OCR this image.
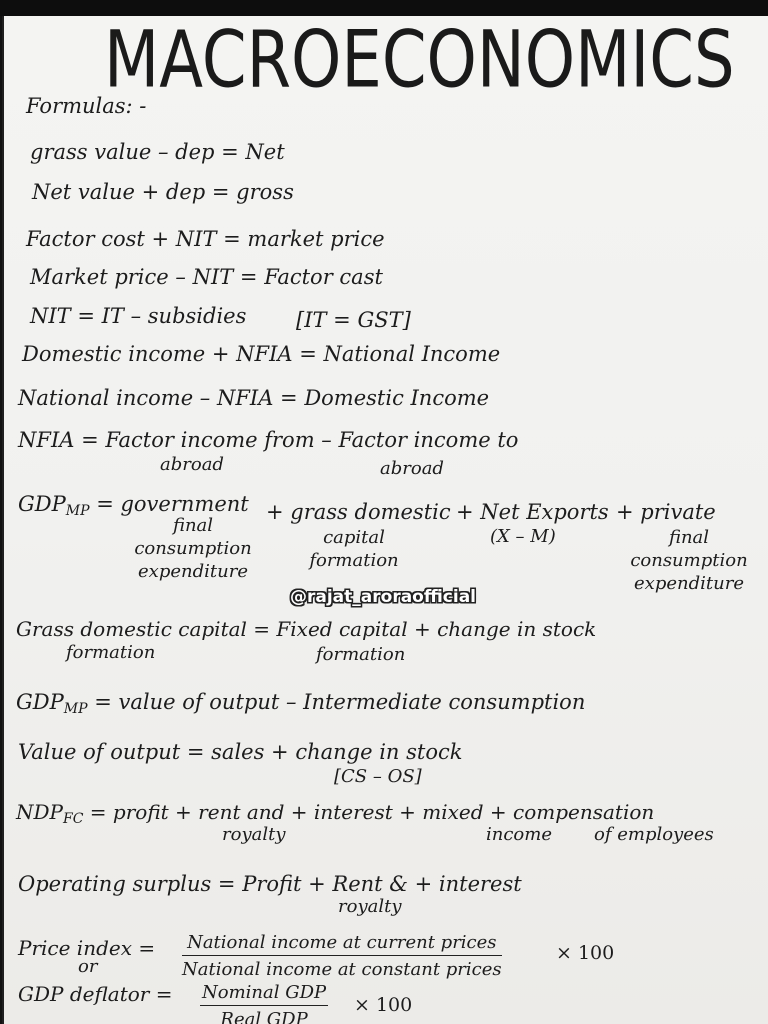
MACROECONOMICS
Formulas: -
grass value – dep = Net
Net value + dep = gross
Factor cost + NIT = market price
Market price – NIT = Factor cast
NIT = IT – subsidies [IT = GST]
Domestic income + NFIA = National Income
National income – NFIA = Domestic Income
NFIA = Factor income from – Factor income to
abroad	abroad
GDPMP = government
final
consumption
expenditure
+ grass domestic
capital
formation
+ Net Exports
(X – M)
+ private
final
consumption
expenditure
@rajat_aroraofficial
Grass domestic capital = Fixed capital + change in stock
formation	formation
GDPMP = value of output – Intermediate consumption
Value of output = sales + change in stock
[CS – OS]
$NDP_{FC}$ = profit + rent and + interest + mixed + compensation
royalty	income of employees
Operating surplus = Profit + Rent & + interest
royalty
Price index =
or
National income at current prices
National income at constant prices
× 100
GDP deflator = Nominal GDP
Real GDP
× 100
